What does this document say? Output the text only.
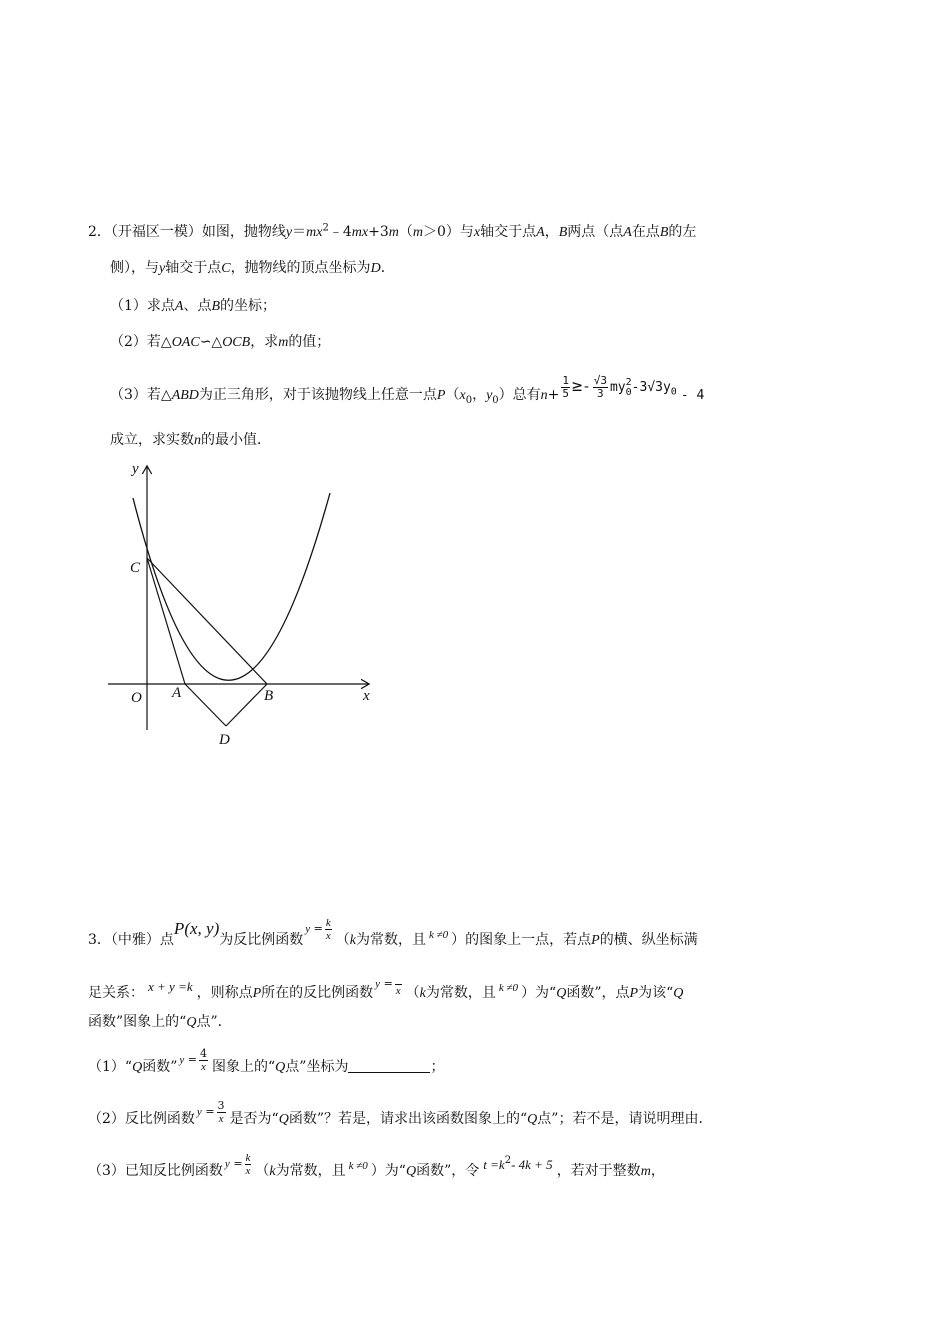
2．（开福区一模）如图，抛物线$y=mx^2﹣4mx+3m(m>0)$与x轴交于点A，B两点（点A在点B的左
侧），与y轴交于点C，抛物线的顶点坐标为D．
（1）求点A、点B的坐标；
（2）若△OAC∽△OCB，求m的值；
（3）若△ABD为正三角形，对于该抛物线上任意一点$P(x_0$，$y_0$）总有$n+ \frac{1}{5} \ge- \frac{√3}{3}$ my 2
0 $-3√3y_0 - 4$
成立，求实数n的最小值．
y
x
O A	B
C
D
3．（中雅）点P(x, y)为反比例函数$^{y = \frac{k}{x}}$ （k为常数，且 $^{k \ne 0}$ ）的图象上一点，若点P的横、纵坐标满
足关系： x + y =k ，则称点P所在的反比例函数$^{y = \frac{k}{x}}$ （k为常数，且 $^{k \ne 0}$ ）为“Q函数”，点P为该“Q
函数”图象上的“Q点”．
（1）“Q函数” $^{y = \frac{4}{x}}$ 图象上的“Q点”坐标为	；
（2）反比例函数 $^{y = \frac{3}{x}}$ 是否为“Q函数”？若是，请求出该函数图象上的“Q点”；若不是，请说明理由．
（3）已知反比例函数 $^{y = \frac{k}{x}}$ （k为常数，且 $^{k \ne 0}$ ）为“Q函数”，令 $t =k^2-$ 4k + 5 ，若对于整数m，
